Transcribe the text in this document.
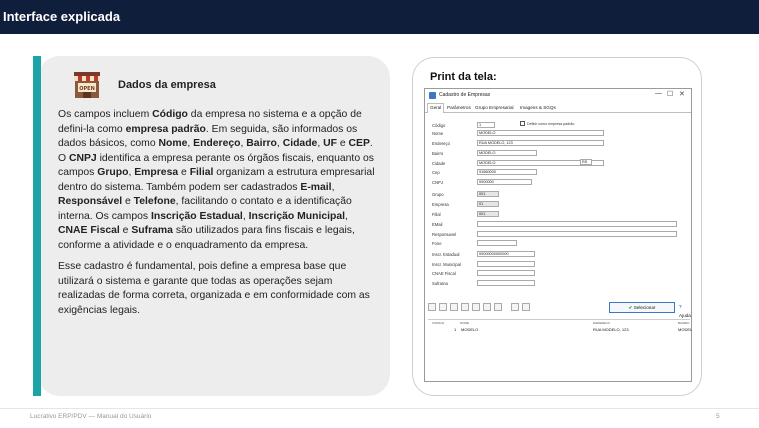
Interface explicada
OPEN Dados da empresa

Os campos incluem Código da empresa no sistema e a opção de defini-la como empresa padrão. Em seguida, são informados os dados básicos, como Nome, Endereço, Bairro, Cidade, UF e CEP. O CNPJ identifica a empresa perante os órgãos fiscais, enquanto os campos Grupo, Empresa e Filial organizam a estrutura empresarial dentro do sistema. Também podem ser cadastrados E-mail, Responsável e Telefone, facilitando o contato e a identificação interna. Os campos Inscrição Estadual, Inscrição Municipal, CNAE Fiscal e Suframa são utilizados para fins fiscais e legais, conforme a atividade e o enquadramento da empresa.

Esse cadastro é fundamental, pois define a empresa base que utilizará o sistema e garante que todas as operações sejam realizadas de forma correta, organizada e em conformidade com as exigências legais.

Print da tela:
Cadastro de Empresas	— ☐ ✕
Geral	Parâmetros Grupo Empresarial Imagens & SGQs
Código	1
Nome	MODELO
Endereço	RUA MODELO, 123
Bairro	MODELO
Cidade	MODELO
Cep	91560000
CNPJ	0000000
Grupo	001
Empresa	01
Filial	001
EMail
Responsavel
Fone
Inscr. Estadual	00000000000000
Inscr. Municipal
CNAE Fiscal
Suframa
Definir como empresa padrão
RS
✔ Selecionar	? Ajuda
CODIGO	NOME	ENDERECO	BAIRRO
1 MODELO	RUA MODELO, 123	MODEL
Lucrativo ERP/PDV — Manual do Usuário	5
